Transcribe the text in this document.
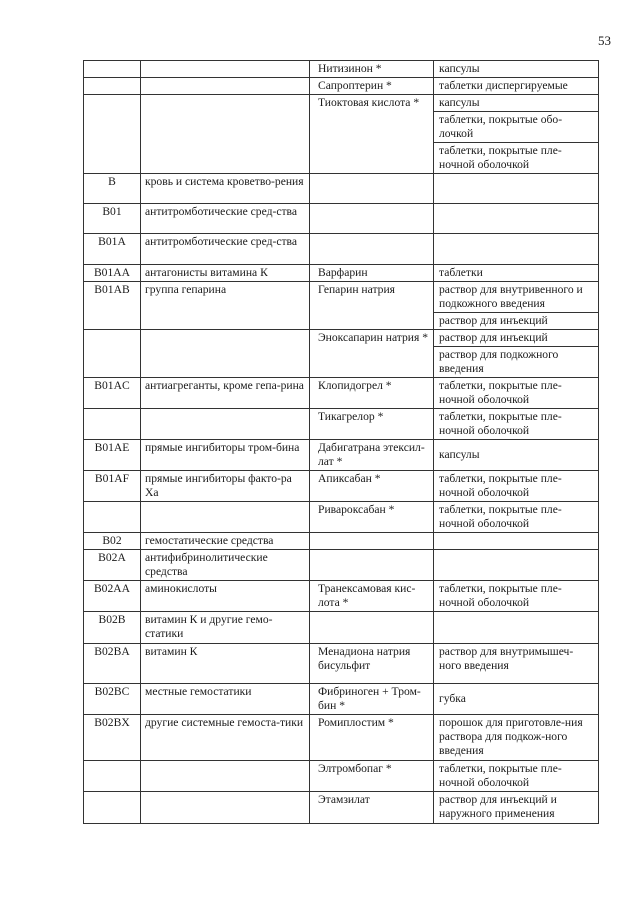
53
		Нитизинон *	капсулы
		Сапроптерин *	таблетки диспергируемые
		Тиоктовая кислота *	капсулы
			таблетки, покрытые обо-лочкой
			таблетки, покрытые пле-ночной оболочкой
B	кровь и система кроветво-рения		
B01	антитромботические сред-ства		
B01A	антитромботические сред-ства		
B01AA	антагонисты витамина К	Варфарин	таблетки
B01AB	группа гепарина	Гепарин натрия	раствор для внутривенного и подкожного введения
			раствор для инъекций
		Эноксапарин натрия *	раствор для инъекций
			раствор для подкожного введения
B01AC	антиагреганты, кроме гепа-рина	Клопидогрел *	таблетки, покрытые пле-ночной оболочкой
		Тикагрелор *	таблетки, покрытые пле-ночной оболочкой
B01AE	прямые ингибиторы тром-бина	Дабигатрана этексил-лат *	капсулы
B01AF	прямые ингибиторы факто-ра Ха	Апиксабан *	таблетки, покрытые пле-ночной оболочкой
		Ривароксабан *	таблетки, покрытые пле-ночной оболочкой
B02	гемостатические средства		
B02A	антифибринолитические средства		
B02AA	аминокислоты	Транексамовая кис-лота *	таблетки, покрытые пле-ночной оболочкой
B02B	витамин К и другие гемо-статики		
B02BA	витамин К	Менадиона натрия бисульфит	раствор для внутримышеч-ного введения
B02BC	местные гемостатики	Фибриноген + Тром-бин *	губка
B02BX	другие системные гемоста-тики	Ромиплостим *	порошок для приготовле-ния раствора для подкож-ного введения
		Элтромбопаг *	таблетки, покрытые пле-ночной оболочкой
		Этамзилат	раствор для инъекций и наружного применения
